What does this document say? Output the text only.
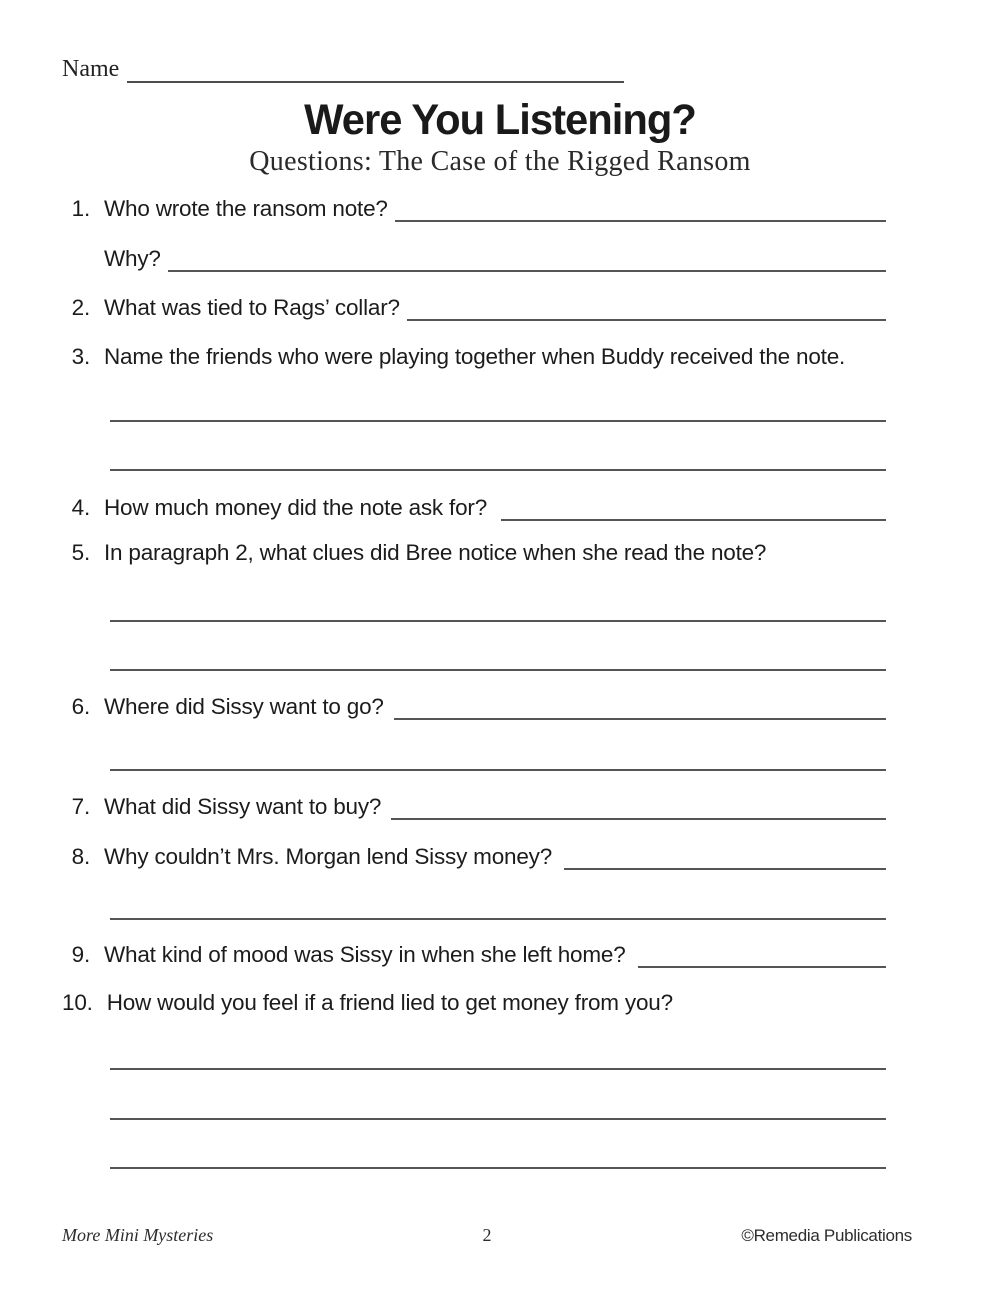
Name
Were You Listening?
Questions: The Case of the Rigged Ransom
1. Who wrote the ransom note?
Why?
2. What was tied to Rags’ collar?
3. Name the friends who were playing together when Buddy received the note.
4. How much money did the note ask for?
5. In paragraph 2, what clues did Bree notice when she read the note?
6. Where did Sissy want to go?
7. What did Sissy want to buy?
8. Why couldn’t Mrs. Morgan lend Sissy money?
9. What kind of mood was Sissy in when she left home?
10. How would you feel if a friend lied to get money from you?
More Mini Mysteries	2	©Remedia Publications
